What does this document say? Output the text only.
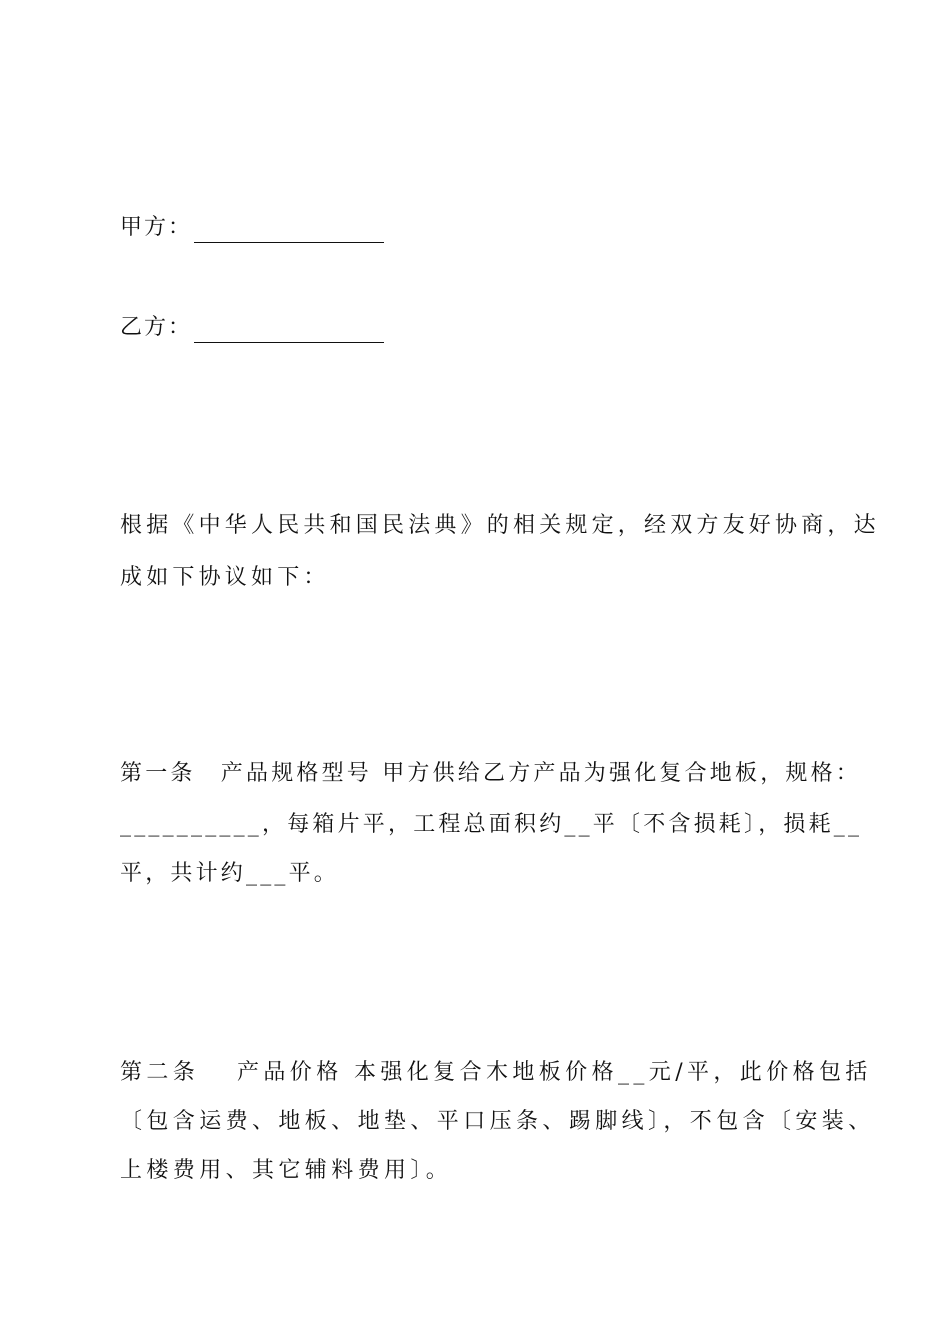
甲方：
乙方：
根据《中华人民共和国民法典》的相关规定，经双方友好协商，达
成如下协议如下：
第一条　产品规格型号 甲方供给乙方产品为强化复合地板，规格：
__________，每箱片平，工程总面积约__平〔不含损耗〕，损耗__
平，共计约___平。
第二条　 产品价格 本强化复合木地板价格__元/平，此价格包括
〔包含运费、地板、地垫、平口压条、踢脚线〕，不包含〔安装、
上楼费用、其它辅料费用〕。
